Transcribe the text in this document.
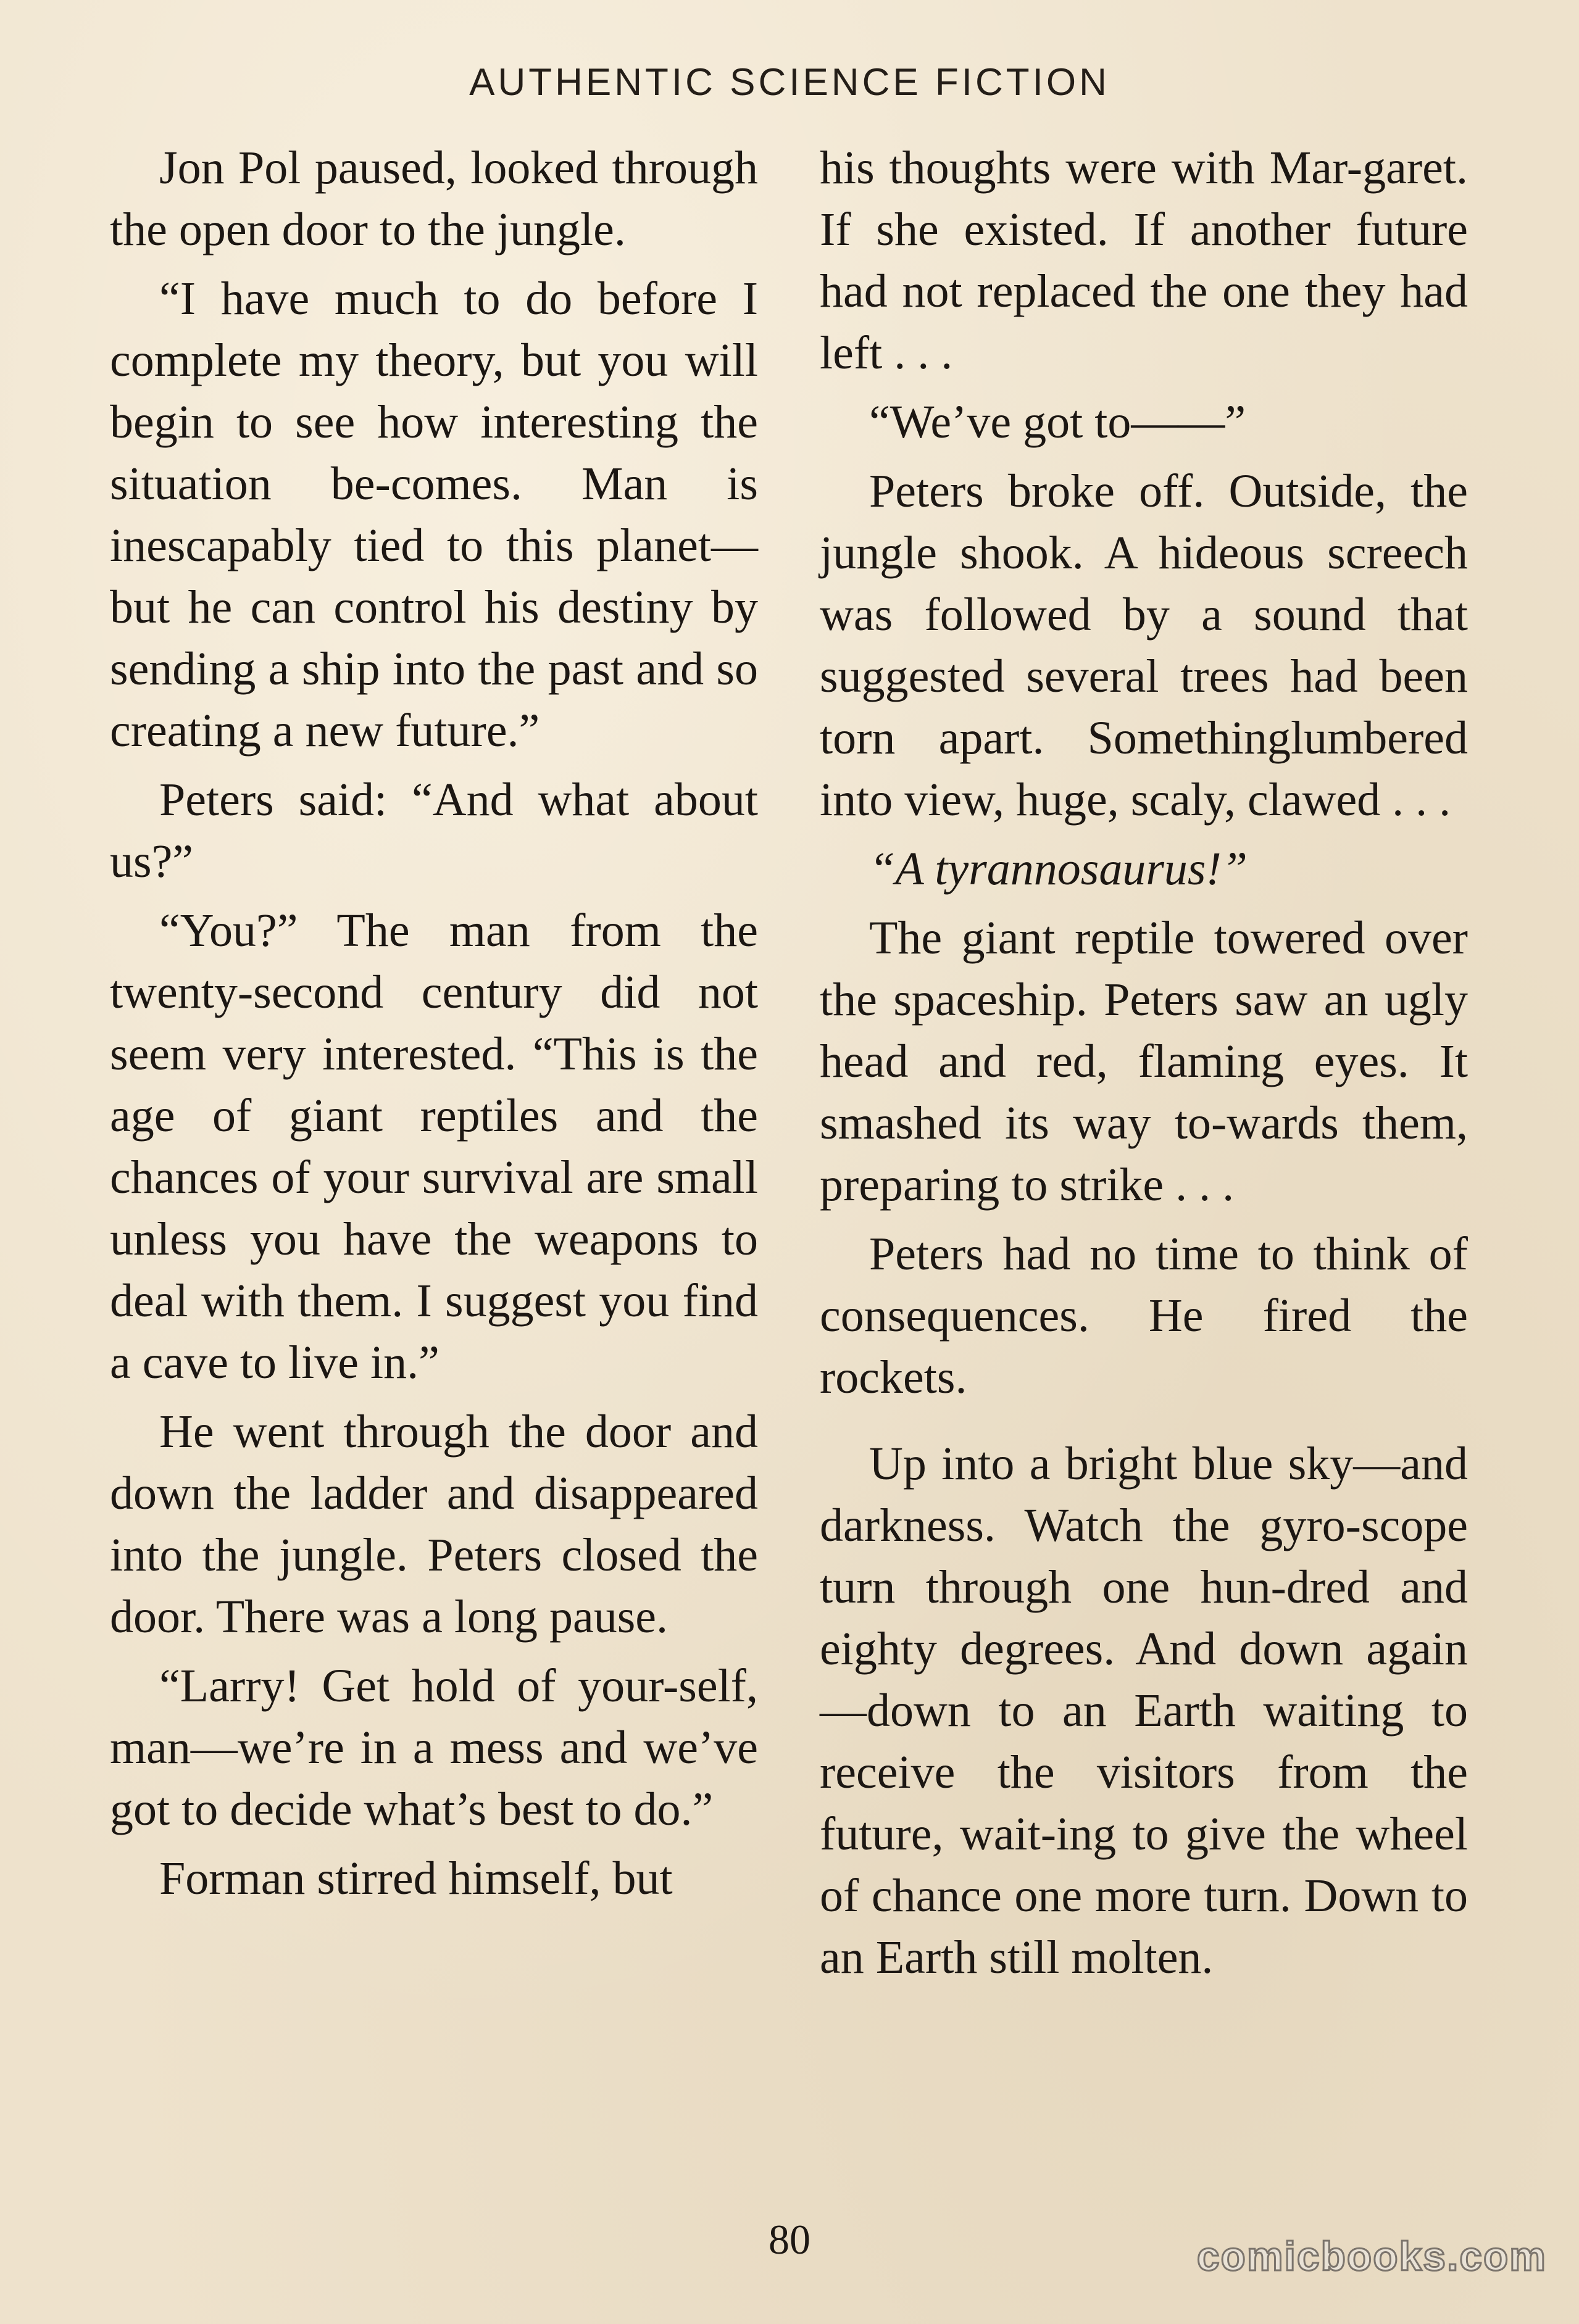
AUTHENTIC SCIENCE FICTION

Jon Pol paused, looked through the open door to the jungle.

“I have much to do before I complete my theory, but you will begin to see how interesting the situation be-comes. Man is inescapably tied to this planet—but he can control his destiny by sending a ship into the past and so creating a new future.”

Peters said: “And what about us?”

“You?” The man from the twenty-second century did not seem very interested. “This is the age of giant reptiles and the chances of your survival are small unless you have the weapons to deal with them. I suggest you find a cave to live in.”

He went through the door and down the ladder and disappeared into the jungle. Peters closed the door. There was a long pause.

“Larry! Get hold of your-self, man—we’re in a mess and we’ve got to decide what’s best to do.”

Forman stirred himself, but

his thoughts were with Mar-garet. If she existed. If another future had not replaced the one they had left . . .

“We’ve got to——”

Peters broke off. Outside, the jungle shook. A hideous screech was followed by a sound that suggested several trees had been torn apart. Somethinglumbered into view, huge, scaly, clawed . . .

“A tyrannosaurus!”

The giant reptile towered over the spaceship. Peters saw an ugly head and red, flaming eyes. It smashed its way to-wards them, preparing to strike . . .

Peters had no time to think of consequences. He fired the rockets.

Up into a bright blue sky—and darkness. Watch the gyro-scope turn through one hun-dred and eighty degrees. And down again—down to an Earth waiting to receive the visitors from the future, wait-ing to give the wheel of chance one more turn. Down to an Earth still molten.

80	comicbooks.com
